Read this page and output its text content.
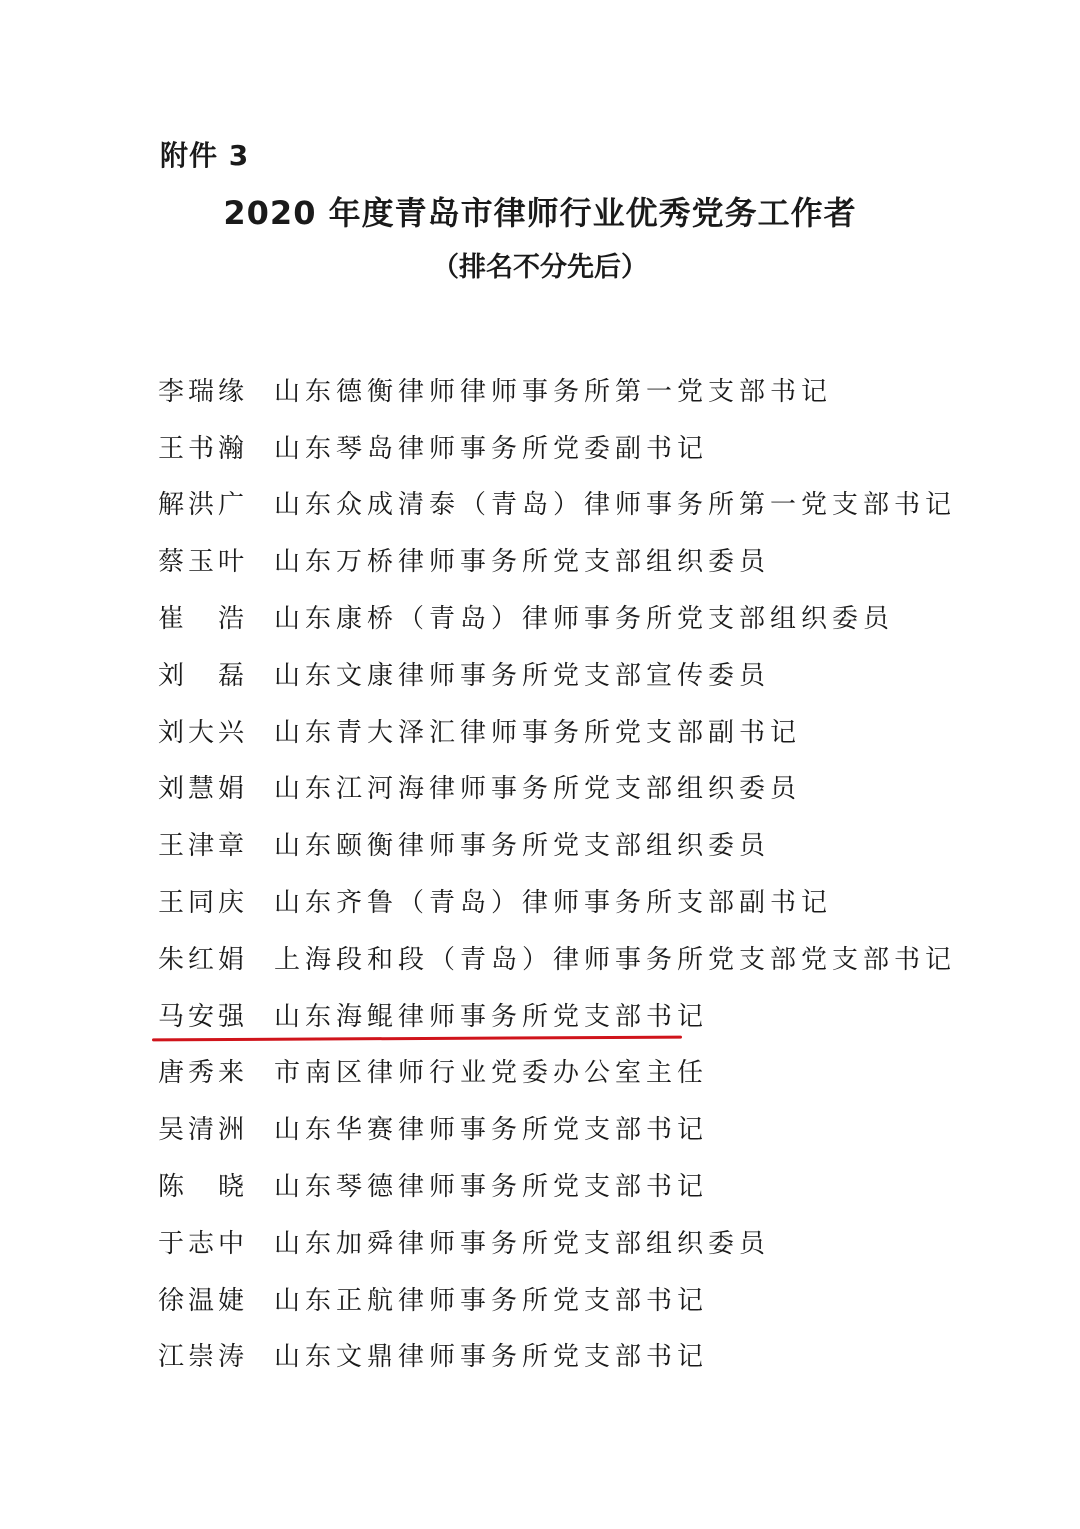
附件 3
2020 年度青岛市律师行业优秀党务工作者
（排名不分先后）
李瑞缘 山东德衡律师律师事务所第一党支部书记
王书瀚 山东琴岛律师事务所党委副书记
解洪广 山东众成清泰（青岛）律师事务所第一党支部书记
蔡玉叶 山东万桥律师事务所党支部组织委员
崔浩 山东康桥（青岛）律师事务所党支部组织委员
刘磊 山东文康律师事务所党支部宣传委员
刘大兴 山东青大泽汇律师事务所党支部副书记
刘慧娟 山东江河海律师事务所党支部组织委员
王津章 山东颐衡律师事务所党支部组织委员
王同庆 山东齐鲁（青岛）律师事务所支部副书记
朱红娟 上海段和段（青岛）律师事务所党支部党支部书记
马安强 山东海鲲律师事务所党支部书记
唐秀来 市南区律师行业党委办公室主任
吴清洲 山东华赛律师事务所党支部书记
陈晓 山东琴德律师事务所党支部书记
于志中 山东加舜律师事务所党支部组织委员
徐温婕 山东正航律师事务所党支部书记
江崇涛 山东文鼎律师事务所党支部书记
